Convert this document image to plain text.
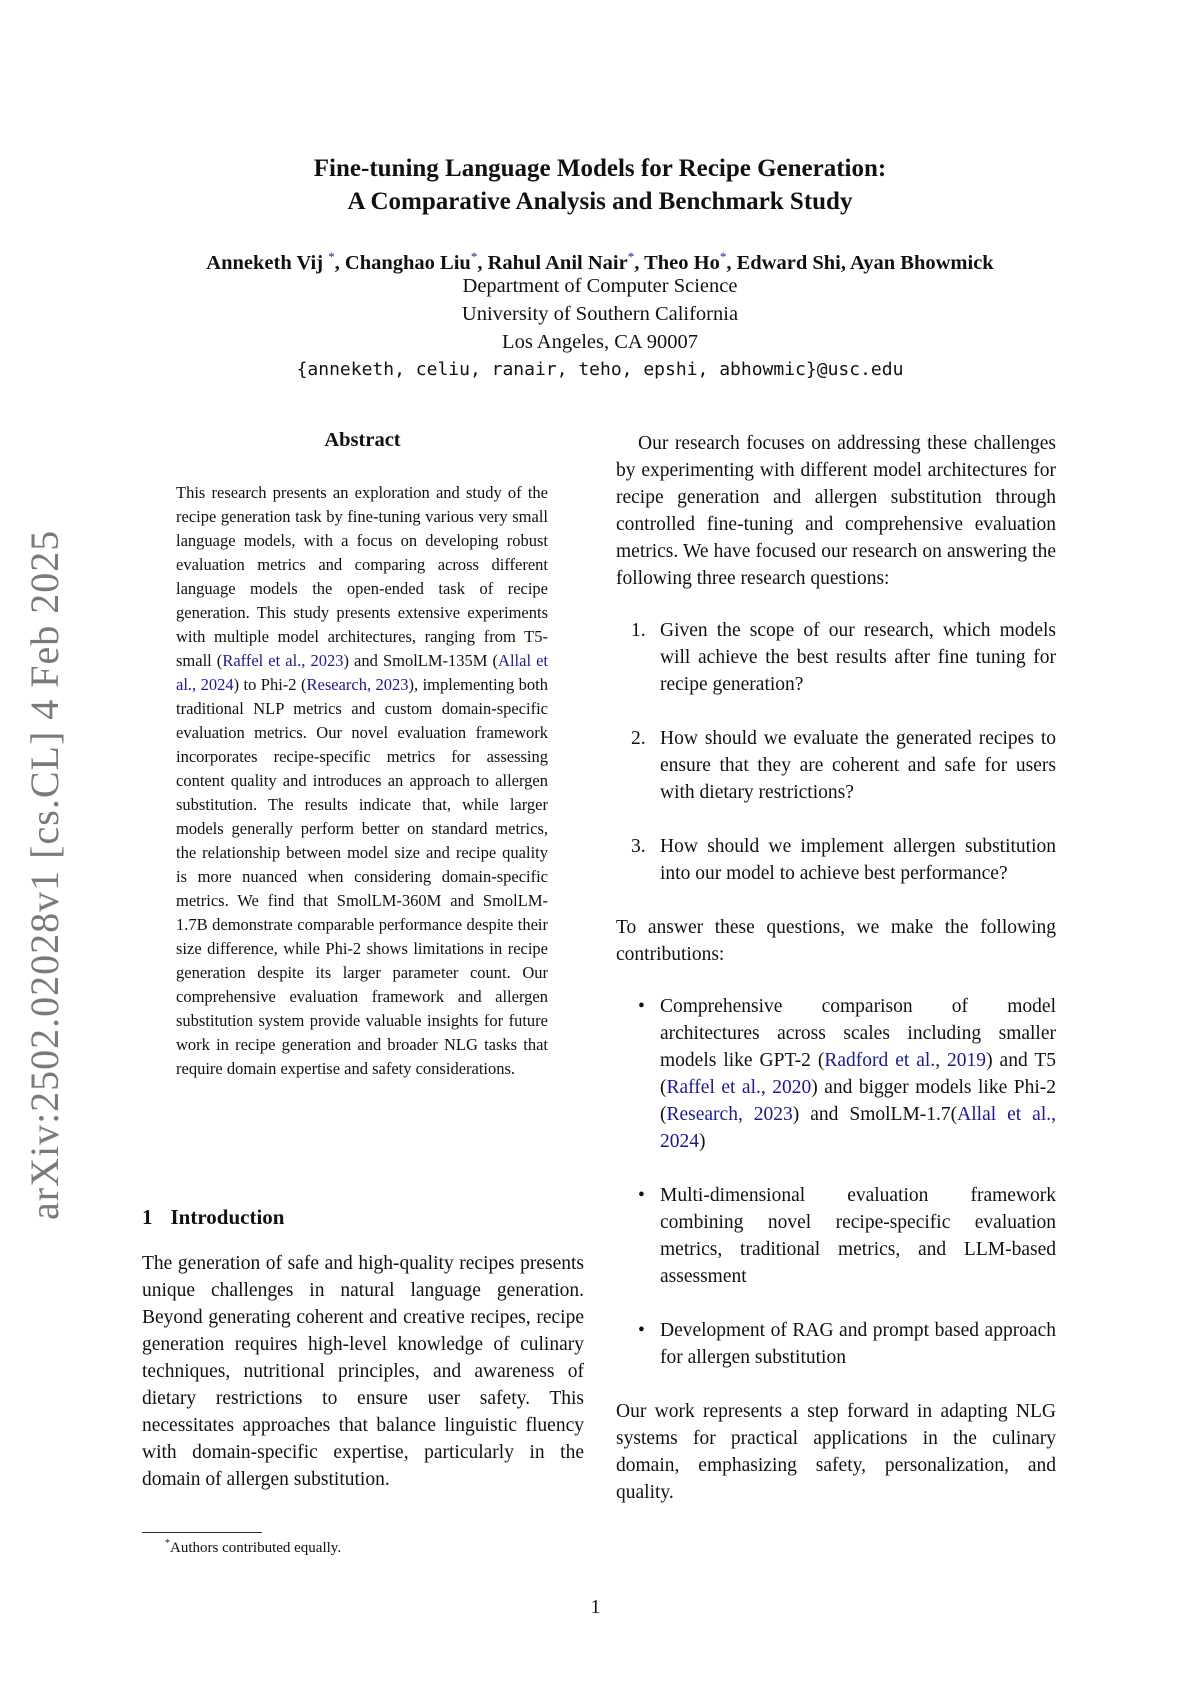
arXiv:2502.02028v1 [cs.CL] 4 Feb 2025

Fine-tuning Language Models for Recipe Generation:

A Comparative Analysis and Benchmark Study

Anneketh Vij *, Changhao Liu*, Rahul Anil Nair*, Theo Ho*, Edward Shi, Ayan Bhowmick
Department of Computer Science
University of Southern California
Los Angeles, CA 90007
{anneketh, celiu, ranair, teho, epshi, abhowmic}@usc.edu
Abstract
This research presents an exploration and study of the recipe generation task by fine-tuning various very small language models, with a focus on developing robust evaluation metrics and comparing across different language models the open-ended task of recipe generation. This study presents extensive experiments with multiple model architectures, ranging from T5-small (Raffel et al., 2023) and SmolLM-135M (Allal et al., 2024) to Phi-2 (Research, 2023), implementing both traditional NLP metrics and custom domain-specific evaluation metrics. Our novel evaluation framework incorporates recipe-specific metrics for assessing content quality and introduces an approach to allergen substitution. The results indicate that, while larger models generally perform better on standard metrics, the relationship between model size and recipe quality is more nuanced when considering domain-specific metrics. We find that SmolLM-360M and SmolLM-1.7B demonstrate comparable performance despite their size difference, while Phi-2 shows limitations in recipe generation despite its larger parameter count. Our comprehensive evaluation framework and allergen substitution system provide valuable insights for future work in recipe generation and broader NLG tasks that require domain expertise and safety considerations.
1 Introduction
The generation of safe and high-quality recipes presents unique challenges in natural language generation. Beyond generating coherent and creative recipes, recipe generation requires high-level knowledge of culinary techniques, nutritional principles, and awareness of dietary restrictions to ensure user safety. This necessitates approaches that balance linguistic fluency with domain-specific expertise, particularly in the domain of allergen substitution.
*Authors contributed equally.

Our research focuses on addressing these challenges by experimenting with different model architectures for recipe generation and allergen substitution through controlled fine-tuning and comprehensive evaluation metrics. We have focused our research on answering the following three research questions:

1. Given the scope of our research, which models will achieve the best results after fine tuning for recipe generation?
2. How should we evaluate the generated recipes to ensure that they are coherent and safe for users with dietary restrictions?
3. How should we implement allergen substitution into our model to achieve best performance?

To answer these questions, we make the following contributions:

• Comprehensive comparison of model architectures across scales including smaller models like GPT-2 (Radford et al., 2019) and T5 (Raffel et al., 2020) and bigger models like Phi-2 (Research, 2023) and SmolLM-1.7(Allal et al., 2024)
• Multi-dimensional evaluation framework combining novel recipe-specific evaluation metrics, traditional metrics, and LLM-based assessment
• Development of RAG and prompt based approach for allergen substitution

Our work represents a step forward in adapting NLG systems for practical applications in the culinary domain, emphasizing safety, personalization, and quality.

1
